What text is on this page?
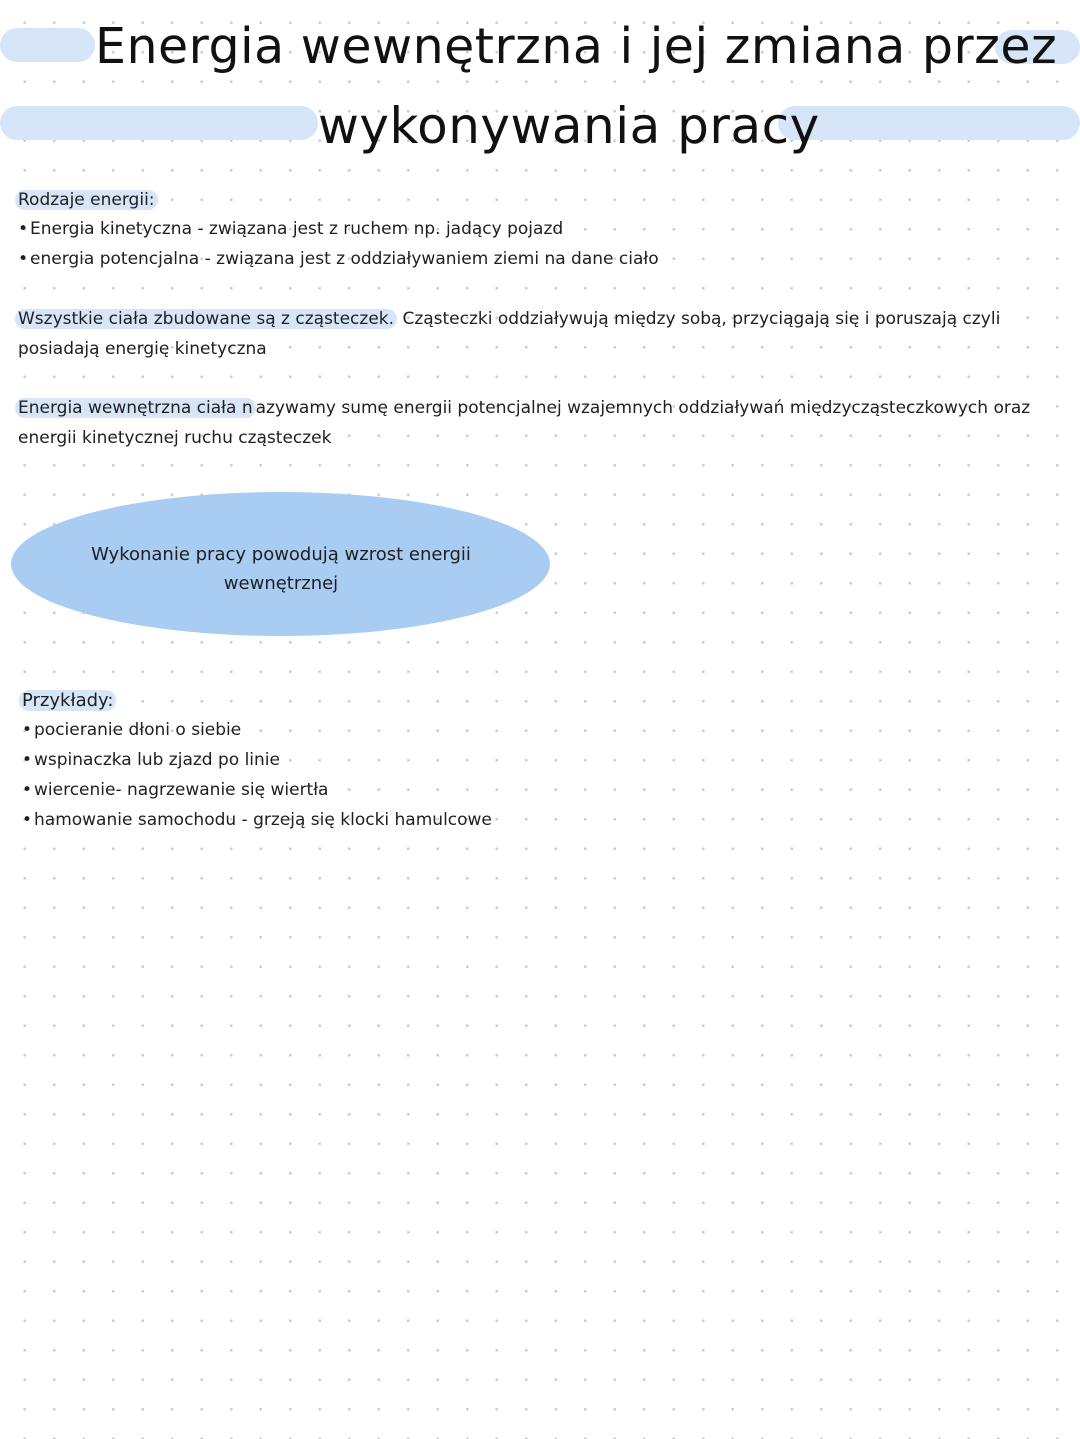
Energia wewnętrzna i jej zmiana przez
wykonywania pracy
Rodzaje energii:
• Energia kinetyczna - związana jest z ruchem np. jadący pojazd
• energia potencjalna - związana jest z oddziaływaniem ziemi na dane ciało
Wszystkie ciała zbudowane są z cząsteczek. Cząsteczki oddziaływują między sobą, przyciągają się i poruszają czyli posiadają energię kinetyczna
Energia wewnętrzna ciała n azywamy sumę energii potencjalnej wzajemnych oddziaływań międzycząsteczkowych oraz energii kinetycznej ruchu cząsteczek
Wykonanie pracy powodują wzrost energii wewnętrznej
Przykłady:
• pocieranie dłoni o siebie
• wspinaczka lub zjazd po linie
• wiercenie- nagrzewanie się wiertła
• hamowanie samochodu - grzeją się klocki hamulcowe
